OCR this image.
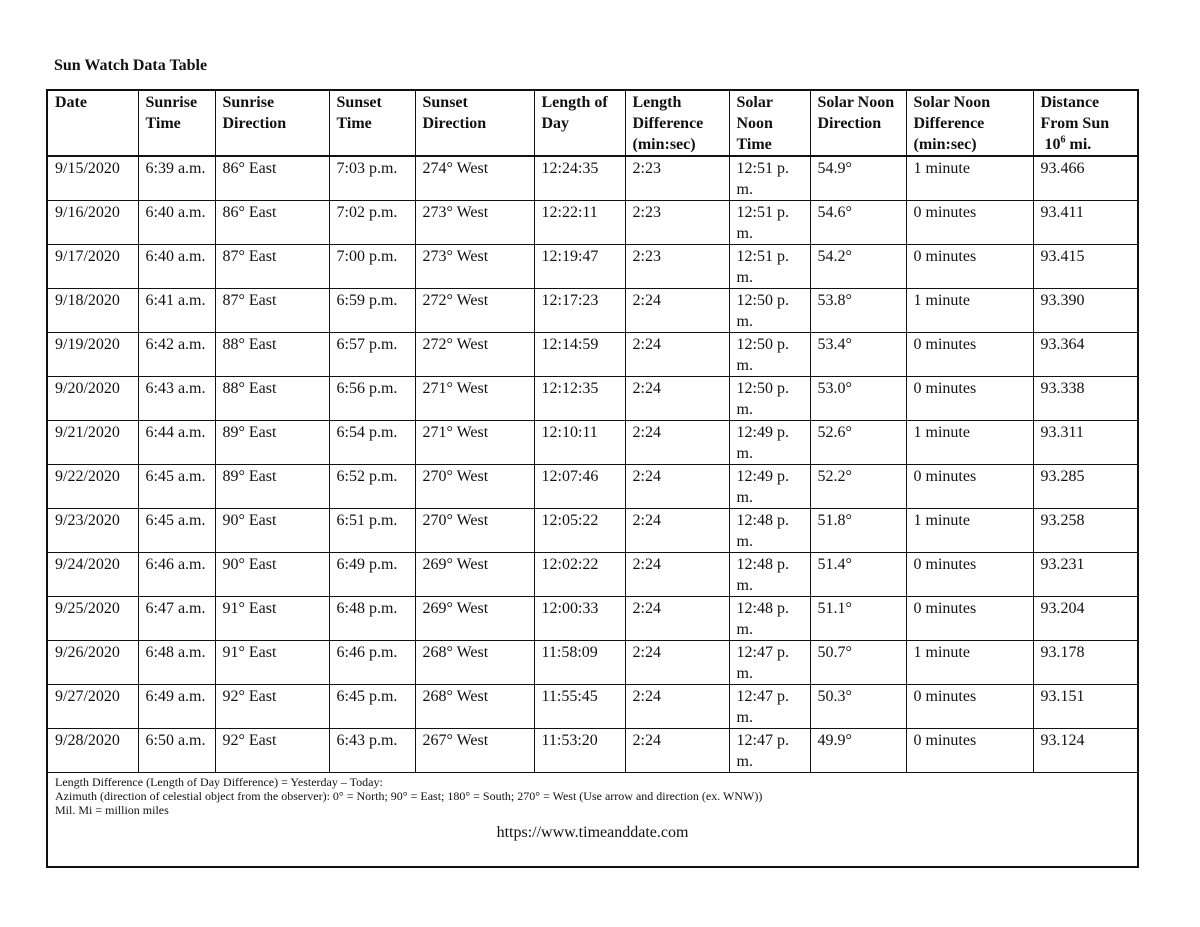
Sun Watch Data Table
Date	Sunrise Time	Sunrise Direction	Sunset Time	Sunset Direction	Length of Day	Length Difference (min:sec)	Solar Noon Time	Solar Noon Direction	Solar Noon Difference (min:sec)	Distance From Sun
$10^6$ mi.
9/15/2020	6:39 a.m.	86° East	7:03 p.m.	274° West	12:24:35	2:23	12:51 p.m.	54.9°	1 minute	93.466
9/16/2020	6:40 a.m.	86° East	7:02 p.m.	273° West	12:22:11	2:23	12:51 p.m.	54.6°	0 minutes	93.411
9/17/2020	6:40 a.m.	87° East	7:00 p.m.	273° West	12:19:47	2:23	12:51 p.m.	54.2°	0 minutes	93.415
9/18/2020	6:41 a.m.	87° East	6:59 p.m.	272° West	12:17:23	2:24	12:50 p.m.	53.8°	1 minute	93.390
9/19/2020	6:42 a.m.	88° East	6:57 p.m.	272° West	12:14:59	2:24	12:50 p.m.	53.4°	0 minutes	93.364
9/20/2020	6:43 a.m.	88° East	6:56 p.m.	271° West	12:12:35	2:24	12:50 p.m.	53.0°	0 minutes	93.338
9/21/2020	6:44 a.m.	89° East	6:54 p.m.	271° West	12:10:11	2:24	12:49 p.m.	52.6°	1 minute	93.311
9/22/2020	6:45 a.m.	89° East	6:52 p.m.	270° West	12:07:46	2:24	12:49 p.m.	52.2°	0 minutes	93.285
9/23/2020	6:45 a.m.	90° East	6:51 p.m.	270° West	12:05:22	2:24	12:48 p.m.	51.8°	1 minute	93.258
9/24/2020	6:46 a.m.	90° East	6:49 p.m.	269° West	12:02:22	2:24	12:48 p.m.	51.4°	0 minutes	93.231
9/25/2020	6:47 a.m.	91° East	6:48 p.m.	269° West	12:00:33	2:24	12:48 p.m.	51.1°	0 minutes	93.204
9/26/2020	6:48 a.m.	91° East	6:46 p.m.	268° West	11:58:09	2:24	12:47 p.m.	50.7°	1 minute	93.178
9/27/2020	6:49 a.m.	92° East	6:45 p.m.	268° West	11:55:45	2:24	12:47 p.m.	50.3°	0 minutes	93.151
9/28/2020	6:50 a.m.	92° East	6:43 p.m.	267° West	11:53:20	2:24	12:47 p.m.	49.9°	0 minutes	93.124

Length Difference (Length of Day Difference) = Yesterday – Today:
Azimuth (direction of celestial object from the observer): 0° = North; 90° = East; 180° = South; 270° = West (Use arrow and direction (ex. WNW))
Mil. Mi = million miles
https://www.timeanddate.com										
